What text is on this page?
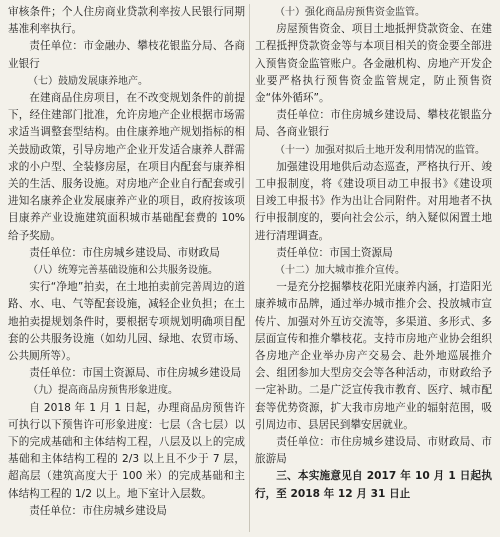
审核条件；个人住房商业贷款利率按人民银行同期基准利率执行。

责任单位：市金融办、攀枝花银监分局、各商业银行

（七）鼓励发展康养地产。

在建商品住房项目，在不改变规划条件的前提下，经住建部门批准，允许房地产企业根据市场需求适当调整套型结构。由住康养地产规划指标的相关鼓励政策，引导房地产企业开发适合康养人群需求的小户型、全装修房屋，在项目内配套与康养相关的生活、服务设施。对房地产企业自行配套或引进知名康养企业发展康养产业的项目，政府按该项目康养产业设施建筑面积城市基础配套费的 10%给予奖励。

责任单位：市住房城乡建设局、市财政局

（八）统筹完善基础设施和公共服务设施。

实行“净地”拍卖，在土地拍卖前完善周边的道路、水、电、气等配套设施，减轻企业负担；在土地拍卖提规划条件时，要根据专项规划明确项目配套的公共服务设施（如幼儿园、绿地、农贸市场、公共厕所等）。

责任单位：市国土资源局、市住房城乡建设局

（九）提高商品房预售形象进度。

自 2018 年 1 月 1 日起，办理商品房预售许可执行以下预售许可形象进度：七层（含七层）以下的完成基础和主体结构工程，八层及以上的完成基础和主体结构工程的 2/3 以上且不少于 7 层，超高层（建筑高度大于 100 米）的完成基础和主体结构工程的 1/2 以上。地下室计入层数。

责任单位：市住房城乡建设局

（十）强化商品房预售资金监管。

房屋预售资金、项目土地抵押贷款资金、在建工程抵押贷款资金等与本项目相关的资金要全部进入预售资金监管账户。各金融机构、房地产开发企业要严格执行预售资金监管规定，防止预售资金“体外循环”。

责任单位：市住房城乡建设局、攀枝花银监分局、各商业银行

（十一）加强对拟后土地开发利用情况的监管。

加强建设用地供后动态巡查，严格执行开、竣工申报制度，将《建设项目动工申报书》《建设项目竣工申报书》作为出让合同附件。对用地者不执行申报制度的，要向社会公示，纳入疑似闲置土地进行清理调查。

责任单位：市国土资源局

（十二）加大城市推介宣传。

一是充分挖掘攀枝花阳光康养内涵，打造阳光康养城市品牌，通过举办城市推介会、投放城市宣传片、加强对外互访交流等，多渠道、多形式、多层面宣传和推介攀枝花。支持市房地产业协会组织各房地产企业举办房产交易会、赴外地巡展推介会、组团参加大型房交会等各种活动，市财政给予一定补助。二是广泛宣传我市教育、医疗、城市配套等优势资源，扩大我市房地产业的辐射范围，吸引周边市、县居民到攀安居就业。

责任单位：市住房城乡建设局、市财政局、市旅游局

三、本实施意见自 2017 年 10 月 1 日起执行，至 2018 年 12 月 31 日止
